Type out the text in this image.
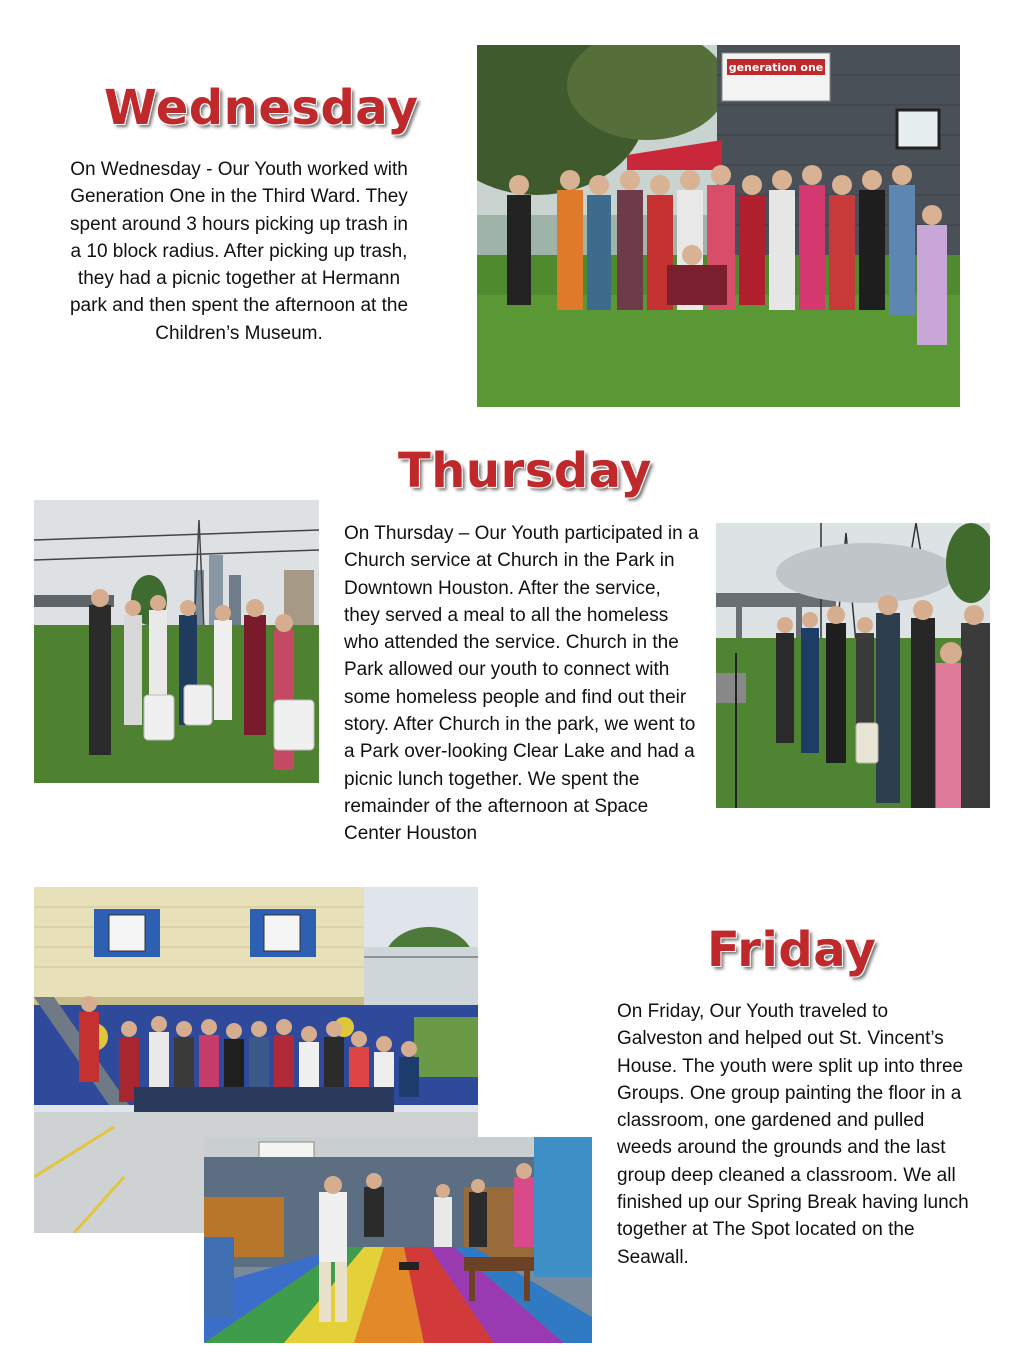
Wednesday

On Wednesday - Our Youth worked with Generation One in the Third Ward. They spent around 3 hours picking up trash in a 10 block radius. After picking up trash, they had a picnic together at Hermann park and then spent the afternoon at the Children’s Museum.

generation one
Thursday

On Thursday – Our Youth participated in a Church service at Church in the Park in Downtown Houston. After the service, they served a meal to all the homeless who attended the service. Church in the Park allowed our youth to connect with some homeless people and find out their story. After Church in the park, we went to a Park over-looking Clear Lake and had a picnic lunch together. We spent the remainder of the afternoon at Space Center Houston

Friday

On Friday, Our Youth traveled to Galveston and helped out St. Vincent’s House. The youth were split up into three Groups. One group painting the floor in a classroom, one gardened and pulled weeds around the grounds and the last group deep cleaned a classroom. We all finished up our Spring Break having lunch together at The Spot located on the Seawall.
